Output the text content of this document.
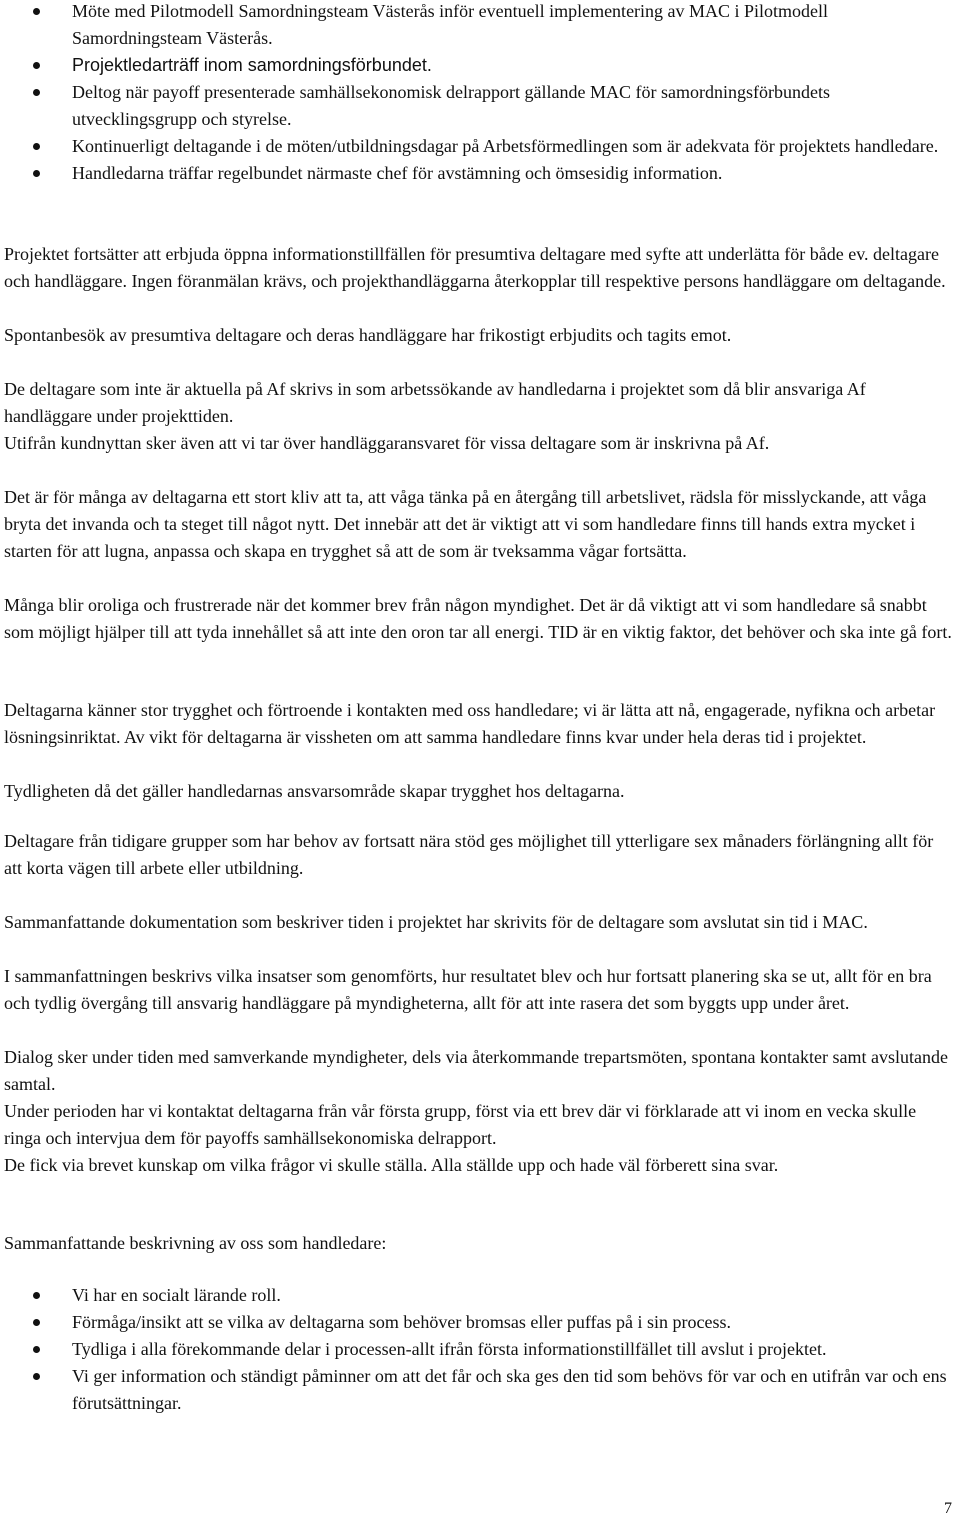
Möte med Pilotmodell Samordningsteam Västerås inför eventuell implementering av MAC i Pilotmodell Samordningsteam Västerås.
Projektledarträff inom samordningsförbundet.
Deltog när payoff presenterade samhällsekonomisk delrapport gällande MAC för samordningsförbundets utvecklingsgrupp och styrelse.
Kontinuerligt deltagande i de möten/utbildningsdagar på Arbetsförmedlingen som är adekvata för projektets handledare.
Handledarna träffar regelbundet närmaste chef för avstämning och ömsesidig information.

Projektet fortsätter att erbjuda öppna informationstillfällen för presumtiva deltagare med syfte att underlätta för både ev. deltagare och handläggare. Ingen föranmälan krävs, och projekthandläggarna återkopplar till respektive persons handläggare om deltagande.

Spontanbesök av presumtiva deltagare och deras handläggare har frikostigt erbjudits och tagits emot.

De deltagare som inte är aktuella på Af skrivs in som arbetssökande av handledarna i projektet som då blir ansvariga Af handläggare under projekttiden.

Utifrån kundnyttan sker även att vi tar över handläggaransvaret för vissa deltagare som är inskrivna på Af.

Det är för många av deltagarna ett stort kliv att ta, att våga tänka på en återgång till arbetslivet, rädsla för misslyckande, att våga bryta det invanda och ta steget till något nytt. Det innebär att det är viktigt att vi som handledare finns till hands extra mycket i starten för att lugna, anpassa och skapa en trygghet så att de som är tveksamma vågar fortsätta.

Många blir oroliga och frustrerade när det kommer brev från någon myndighet. Det är då viktigt att vi som handledare så snabbt som möjligt hjälper till att tyda innehållet så att inte den oron tar all energi. TID är en viktig faktor, det behöver och ska inte gå fort.

Deltagarna känner stor trygghet och förtroende i kontakten med oss handledare; vi är lätta att nå, engagerade, nyfikna och arbetar lösningsinriktat. Av vikt för deltagarna är vissheten om att samma handledare finns kvar under hela deras tid i projektet.

Tydligheten då det gäller handledarnas ansvarsområde skapar trygghet hos deltagarna.

Deltagare från tidigare grupper som har behov av fortsatt nära stöd ges möjlighet till ytterligare sex månaders förlängning allt för att korta vägen till arbete eller utbildning.

Sammanfattande dokumentation som beskriver tiden i projektet har skrivits för de deltagare som avslutat sin tid i MAC.

I sammanfattningen beskrivs vilka insatser som genomförts, hur resultatet blev och hur fortsatt planering ska se ut, allt för en bra och tydlig övergång till ansvarig handläggare på myndigheterna, allt för att inte rasera det som byggts upp under året.

Dialog sker under tiden med samverkande myndigheter, dels via återkommande trepartsmöten, spontana kontakter samt avslutande samtal.

Under perioden har vi kontaktat deltagarna från vår första grupp, först via ett brev där vi förklarade att vi inom en vecka skulle ringa och intervjua dem för payoffs samhällsekonomiska delrapport.

De fick via brevet kunskap om vilka frågor vi skulle ställa. Alla ställde upp och hade väl förberett sina svar.

Sammanfattande beskrivning av oss som handledare:

Vi har en socialt lärande roll.
Förmåga/insikt att se vilka av deltagarna som behöver bromsas eller puffas på i sin process.
Tydliga i alla förekommande delar i processen-allt ifrån första informationstillfället till avslut i projektet.
Vi ger information och ständigt påminner om att det får och ska ges den tid som behövs för var och en utifrån var och ens förutsättningar.
7
